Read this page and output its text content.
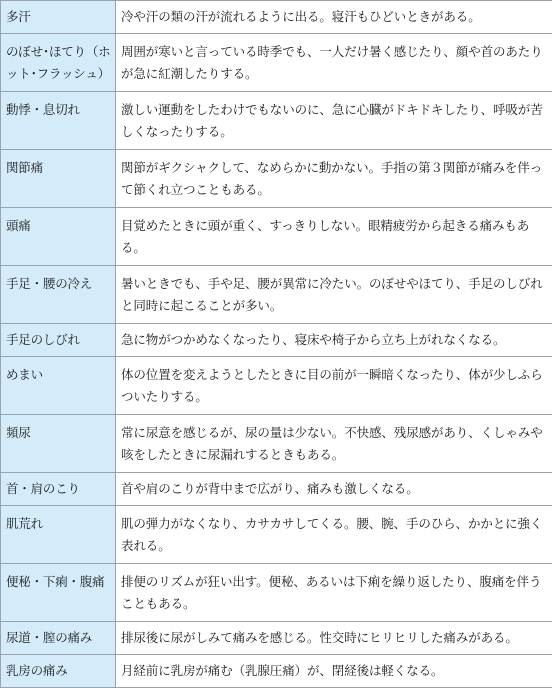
多汗	冷や汗の類の汗が流れるように出る。寝汗もひどいときがある。
のぼせ･ほてり（ホット･フラッシュ）	周囲が寒いと言っている時季でも、一人だけ暑く感じたり、顔や首のあたりが急に紅潮したりする。
動悸・息切れ	激しい運動をしたわけでもないのに、急に心臓がドキドキしたり、呼吸が苦しくなったりする。
関節痛	関節がギクシャクして、なめらかに動かない。手指の第３関節が痛みを伴って節くれ立つこともある。
頭痛	目覚めたときに頭が重く、すっきりしない。眼精疲労から起きる痛みもある。
手足・腰の冷え	暑いときでも、手や足、腰が異常に冷たい。のぼせやほてり、手足のしびれと同時に起こることが多い。
手足のしびれ	急に物がつかめなくなったり、寝床や椅子から立ち上がれなくなる。
めまい	体の位置を変えようとしたときに目の前が一瞬暗くなったり、体が少しふらついたりする。
頻尿	常に尿意を感じるが、尿の量は少ない。不快感、残尿感があり、くしゃみや咳をしたときに尿漏れするときもある。
首・肩のこり	首や肩のこりが背中まで広がり、痛みも激しくなる。
肌荒れ	肌の弾力がなくなり、カサカサしてくる。腰、腕、手のひら、かかとに強く表れる。
便秘・下痢・腹痛	排便のリズムが狂い出す。便秘、あるいは下痢を繰り返したり、腹痛を伴うこともある。
尿道・膣の痛み	排尿後に尿がしみて痛みを感じる。性交時にヒリヒリした痛みがある。
乳房の痛み	月経前に乳房が痛む（乳腺圧痛）が、閉経後は軽くなる。
